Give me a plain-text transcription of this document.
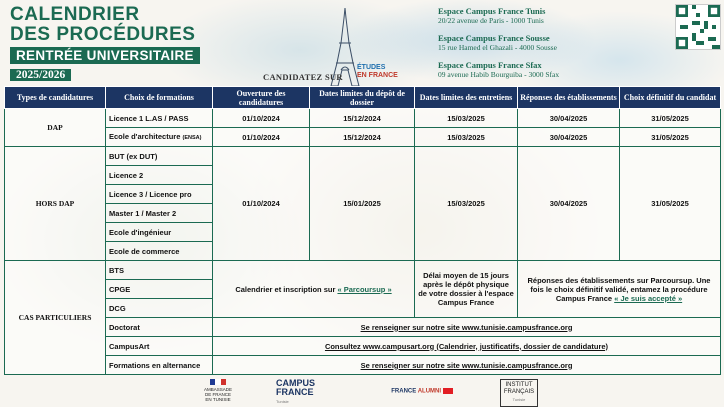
CALENDRIER
DES PROCÉDURES
RENTRÉE UNIVERSITAIRE
2025/2026	CANDIDATEZ SUR
ÉTUDES
EN FRANCE
Espace Campus France Tunis
20/22 avenue de Paris - 1000 Tunis
Espace Campus France Sousse
15 rue Hamed el Ghazali - 4000 Sousse
Espace Campus France Sfax
09 avenue Habib Bourguiba - 3000 Sfax
Types de candidatures	Choix de formations	Ouverture des candidatures	Dates limites du dépôt de dossier	Dates limites des entretiens	Réponses des établissements	Choix définitif du candidat
DAP	Licence 1 L.AS / PASS	01/10/2024	15/12/2024	15/03/2025	30/04/2025	31/05/2025
	Ecole d'architecture (ENSA)	01/10/2024	15/12/2024	15/03/2025	30/04/2025	31/05/2025
HORS DAP	BUT (ex DUT)	01/10/2024	15/01/2025	15/03/2025	30/04/2025	31/05/2025
	Licence 2					
	Licence 3 / Licence pro					
	Master 1 / Master 2					
	Ecole d'ingénieur					
	Ecole de commerce					
CAS PARTICULIERS	BTS	Calendrier et inscription sur « Parcoursup »		Délai moyen de 15 jours après le dépôt physique de votre dossier à l'espace Campus France	Réponses des établissements sur Parcoursup. Une fois le choix définitif validé, entamez la procédure Campus France « Je suis accepté »	
	CPGE					
	DCG					
	Doctorat	Se renseigner sur notre site www.tunisie.campusfrance.org				
	CampusArt	Consultez www.campusart.org (Calendrier, justificatifs, dossier de candidature)				
	Formations en alternance	Se renseigner sur notre site www.tunisie.campusfrance.org				
AMBASSADE DE FRANCE EN TUNISIE
CAMPUS FRANCE
Tunisie
FRANCE ALUMNI
INSTITUT FRANÇAIS
Tunisie
